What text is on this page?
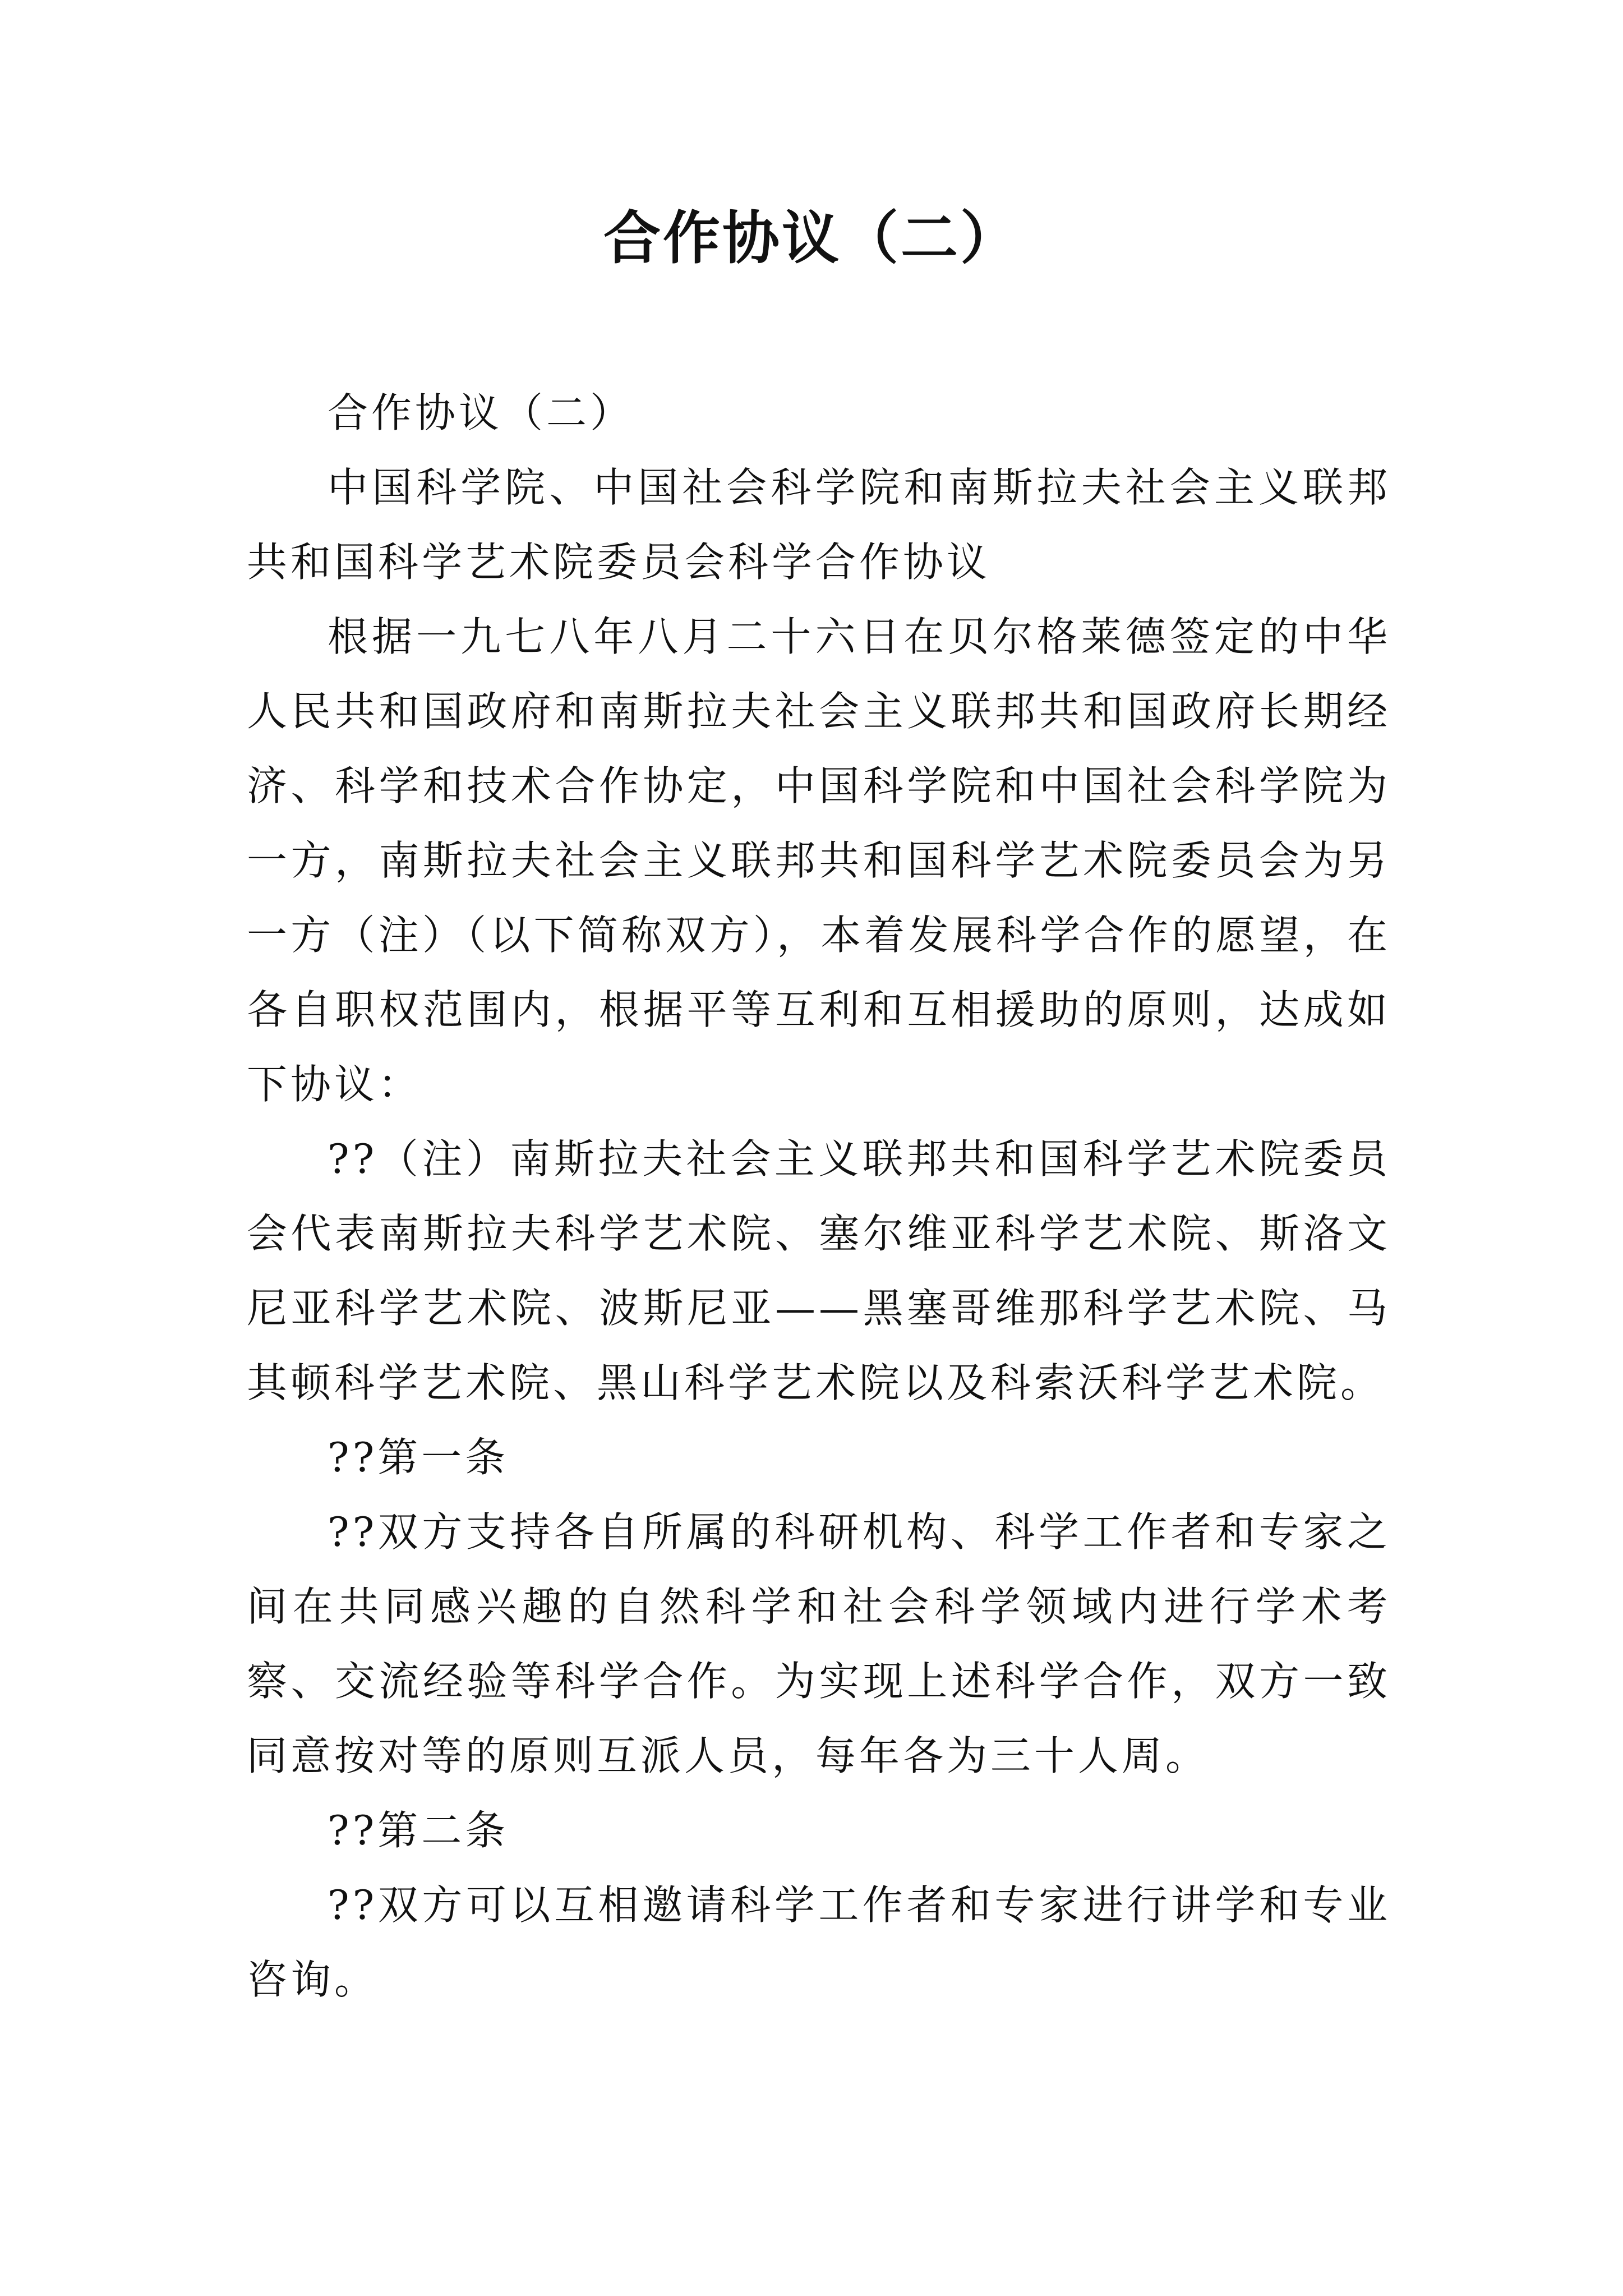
合作协议（二）

合作协议（二）

中国科学院、中国社会科学院和南斯拉夫社会主义联邦共和国科学艺术院委员会科学合作协议

根据一九七八年八月二十六日在贝尔格莱德签定的中华人民共和国政府和南斯拉夫社会主义联邦共和国政府长期经济、科学和技术合作协定，中国科学院和中国社会科学院为一方，南斯拉夫社会主义联邦共和国科学艺术院委员会为另一方（注）（以下简称双方），本着发展科学合作的愿望，在各自职权范围内，根据平等互利和互相援助的原则，达成如下协议：

??（注）南斯拉夫社会主义联邦共和国科学艺术院委员会代表南斯拉夫科学艺术院、塞尔维亚科学艺术院、斯洛文尼亚科学艺术院、波斯尼亚——黑塞哥维那科学艺术院、马其顿科学艺术院、黑山科学艺术院以及科索沃科学艺术院。

??第一条

??双方支持各自所属的科研机构、科学工作者和专家之间在共同感兴趣的自然科学和社会科学领域内进行学术考察、交流经验等科学合作。为实现上述科学合作，双方一致同意按对等的原则互派人员，每年各为三十人周。

??第二条

??双方可以互相邀请科学工作者和专家进行讲学和专业咨询。
